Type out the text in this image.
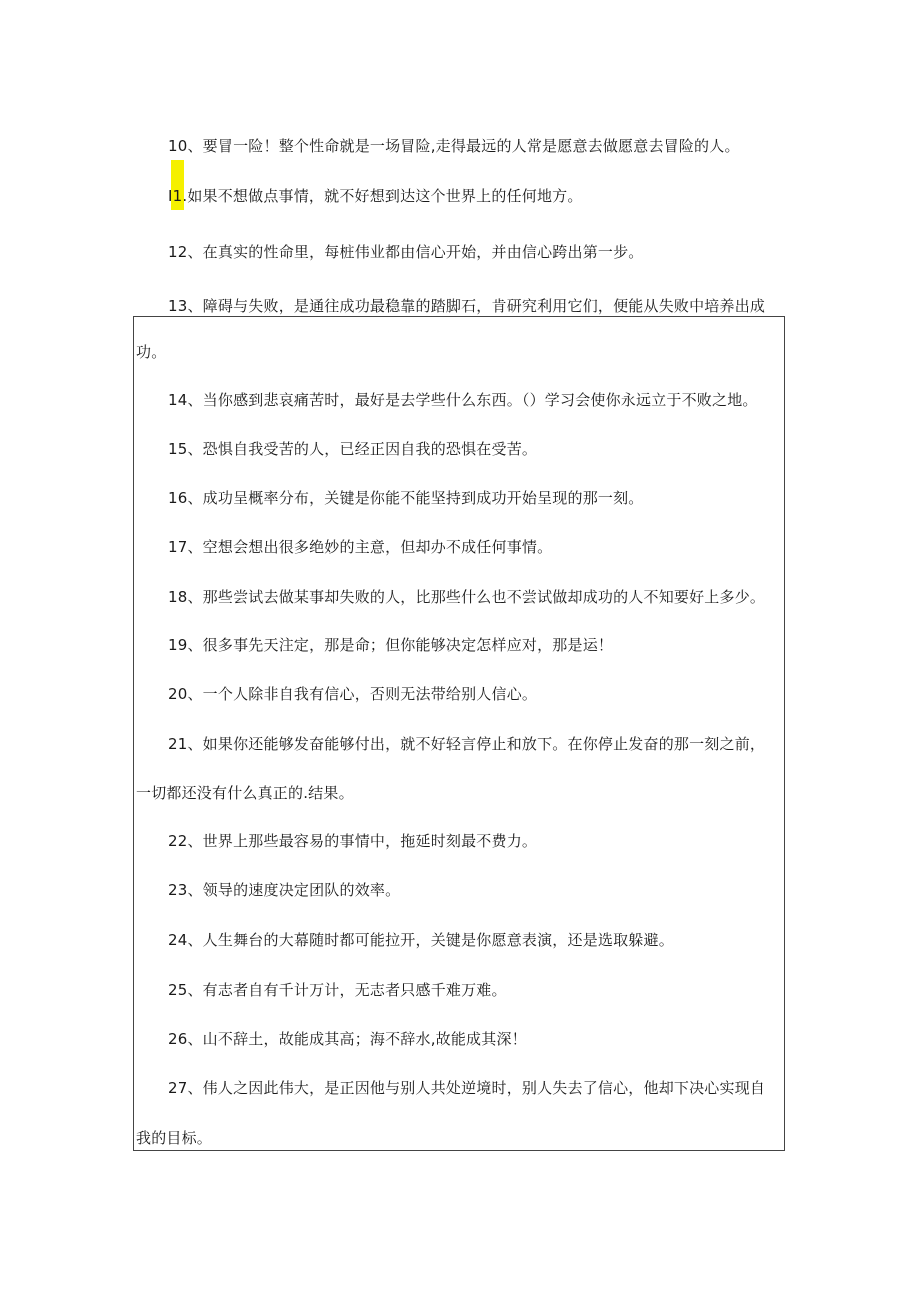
10、要冒一险！整个性命就是一场冒险,走得最远的人常是愿意去做愿意去冒险的人。
I1.如果不想做点事情，就不好想到达这个世界上的任何地方。
12、在真实的性命里，每桩伟业都由信心开始，并由信心跨出第一步。
13、障碍与失败，是通往成功最稳靠的踏脚石，肯研究利用它们，便能从失败中培养出成
功。
14、当你感到悲哀痛苦时，最好是去学些什么东西。（）学习会使你永远立于不败之地。
15、恐惧自我受苦的人，已经正因自我的恐惧在受苦。
16、成功呈概率分布，关键是你能不能坚持到成功开始呈现的那一刻。
17、空想会想出很多绝妙的主意，但却办不成任何事情。
18、那些尝试去做某事却失败的人，比那些什么也不尝试做却成功的人不知要好上多少。
19、很多事先天注定，那是命；但你能够决定怎样应对，那是运！
20、一个人除非自我有信心，否则无法带给别人信心。
21、如果你还能够发奋能够付出，就不好轻言停止和放下。在你停止发奋的那一刻之前，
一切都还没有什么真正的.结果。
22、世界上那些最容易的事情中，拖延时刻最不费力。
23、领导的速度决定团队的效率。
24、人生舞台的大幕随时都可能拉开，关键是你愿意表演，还是选取躲避。
25、有志者自有千计万计，无志者只感千难万难。
26、山不辞土，故能成其高；海不辞水,故能成其深！
27、伟人之因此伟大，是正因他与别人共处逆境时，别人失去了信心，他却下决心实现自
我的目标。
